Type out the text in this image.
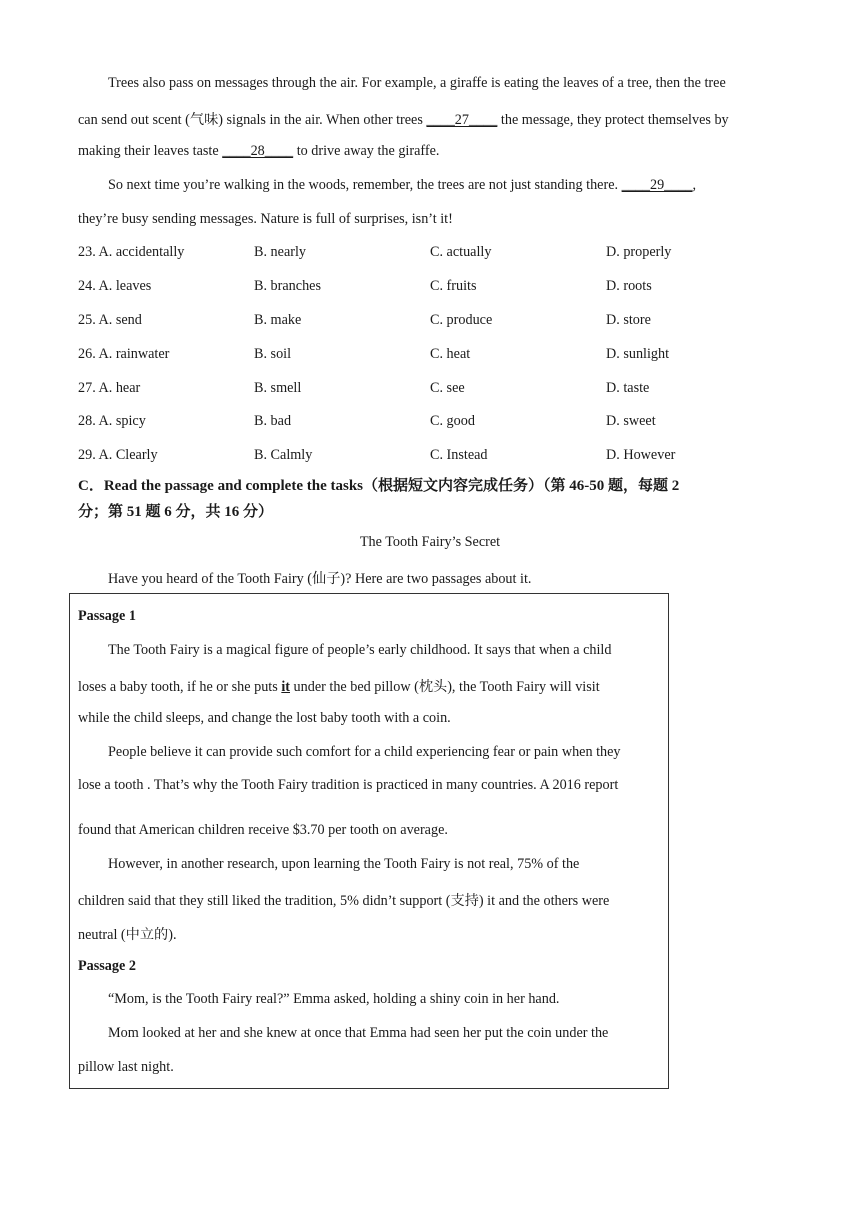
Trees also pass on messages through the air. For example, a giraffe is eating the leaves of a tree, then the tree
can send out scent (气味) signals in the air. When other trees ____27____ the message, they protect themselves by
making their leaves taste ____28____ to drive away the giraffe.
So next time you’re walking in the woods, remember, the trees are not just standing there. ____29____,
they’re busy sending messages. Nature is full of surprises, isn’t it!
23. A. accidentally	B. nearly	C. actually	D. properly
24. A. leaves	B. branches	C. fruits	D. roots
25. A. send	B. make	C. produce	D. store
26. A. rainwater	B. soil	C. heat	D. sunlight
27. A. hear	B. smell	C. see	D. taste
28. A. spicy	B. bad	C. good	D. sweet
29. A. Clearly	B. Calmly	C. Instead	D. However
C．Read the passage and complete the tasks（根据短文内容完成任务）（第 46-50 题，每题 2
分；第 51 题 6 分，共 16 分）
The Tooth Fairy’s Secret
Have you heard of the Tooth Fairy (仙子)? Here are two passages about it.
Passage 1
The Tooth Fairy is a magical figure of people’s early childhood. It says that when a child
loses a baby tooth, if he or she puts it under the bed pillow (枕头), the Tooth Fairy will visit
while the child sleeps, and change the lost baby tooth with a coin.
People believe it can provide such comfort for a child experiencing fear or pain when they
lose a tooth . That’s why the Tooth Fairy tradition is practiced in many countries. A 2016 report
found that American children receive $3.70 per tooth on average.
However, in another research, upon learning the Tooth Fairy is not real, 75% of the
children said that they still liked the tradition, 5% didn’t support (支持) it and the others were
neutral (中立的).
Passage 2
“Mom, is the Tooth Fairy real?” Emma asked, holding a shiny coin in her hand.
Mom looked at her and she knew at once that Emma had seen her put the coin under the
pillow last night.
